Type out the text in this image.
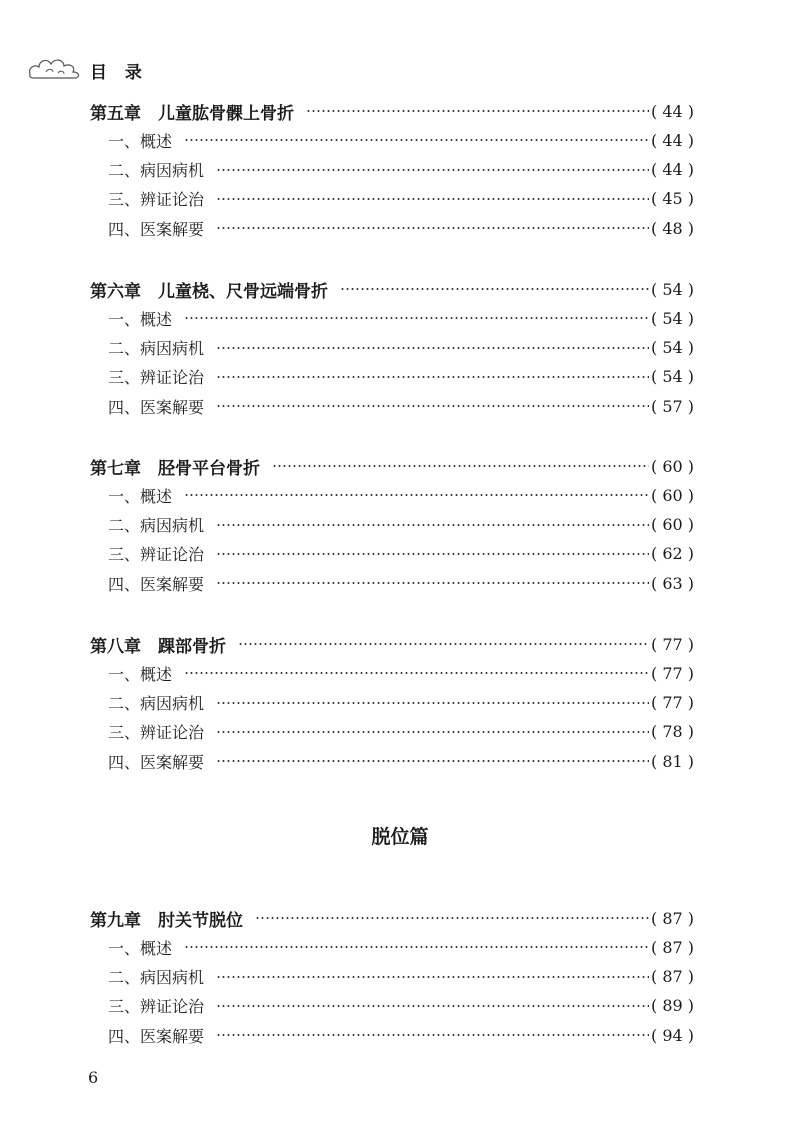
目 录
第五章　儿童肱骨髁上骨折	( 44 )
一、概述	( 44 )
二、病因病机	( 44 )
三、辨证论治	( 45 )
四、医案解要	( 48 )
第六章　儿童桡、尺骨远端骨折	( 54 )
一、概述	( 54 )
二、病因病机	( 54 )
三、辨证论治	( 54 )
四、医案解要	( 57 )
第七章　胫骨平台骨折	( 60 )
一、概述	( 60 )
二、病因病机	( 60 )
三、辨证论治	( 62 )
四、医案解要	( 63 )
第八章　踝部骨折	( 77 )
一、概述	( 77 )
二、病因病机	( 77 )
三、辨证论治	( 78 )
四、医案解要	( 81 )
第九章　肘关节脱位	( 87 )
一、概述	( 87 )
二、病因病机	( 87 )
三、辨证论治	( 89 )
四、医案解要	( 94 )
脱位篇
6
